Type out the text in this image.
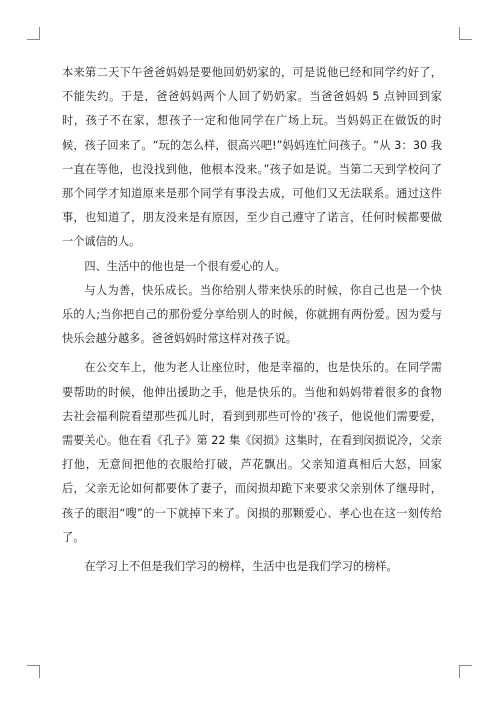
本来第二天下午爸爸妈妈是要他回奶奶家的，可是说他已经和同学约好了，不能失约。于是，爸爸妈妈两个人回了奶奶家。当爸爸妈妈 5 点钟回到家时，孩子不在家，想孩子一定和他同学在广场上玩。当妈妈正在做饭的时候，孩子回来了。“玩的怎么样，很高兴吧!”妈妈连忙问孩子。“从 3：30 我一直在等他，也没找到他，他根本没来。”孩子如是说。当第二天到学校问了那个同学才知道原来是那个同学有事没去成，可他们又无法联系。通过这件事，也知道了，朋友没来是有原因，至少自己遵守了诺言，任何时候都要做一个诚信的人。

四、生活中的他也是一个很有爱心的人。

与人为善，快乐成长。当你给别人带来快乐的时候，你自己也是一个快乐的人;当你把自己的那份爱分享给别人的时候，你就拥有两份爱。因为爱与快乐会越分越多。爸爸妈妈时常这样对孩子说。

在公交车上，他为老人让座位时，他是幸福的，也是快乐的。在同学需要帮助的时候，他伸出援助之手，他是快乐的。当他和妈妈带着很多的食物去社会福利院看望那些孤儿时，看到到那些可怜的'孩子，他说他们需要爱，需要关心。他在看《孔子》第 22 集《闵损》这集时，在看到闵损说冷，父亲打他，无意间把他的衣服给打破，芦花飘出。父亲知道真相后大怒，回家后，父亲无论如何都要休了妻子，而闵损却跪下来要求父亲别休了继母时，孩子的眼泪“嗖”的一下就掉下来了。闵损的那颗爱心、孝心也在这一刻传给了。

在学习上不但是我们学习的榜样，生活中也是我们学习的榜样。
